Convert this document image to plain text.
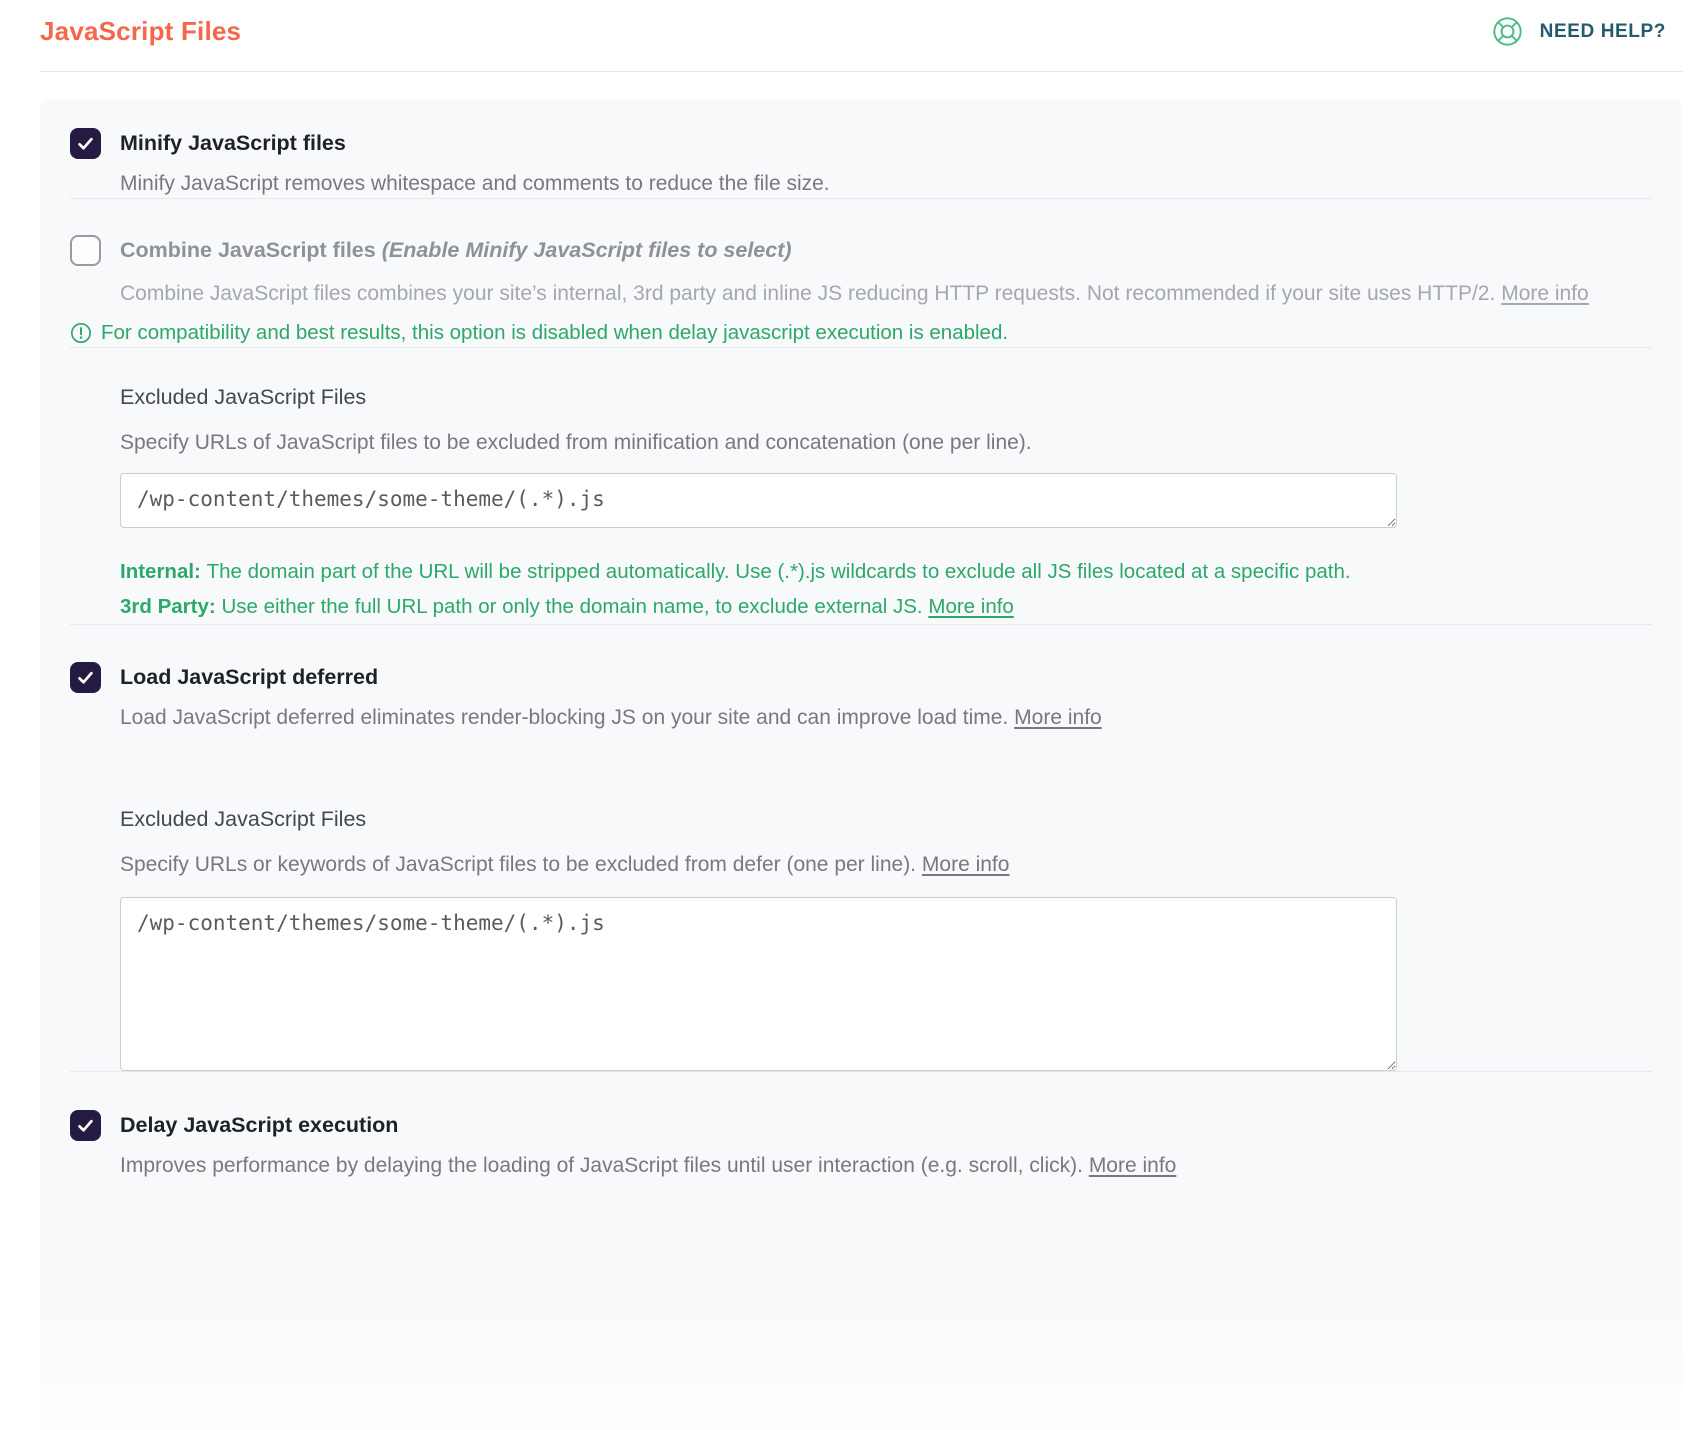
JavaScript Files	NEED HELP?
Minify JavaScript files

Minify JavaScript removes whitespace and comments to reduce the file size.

Combine JavaScript files (Enable Minify JavaScript files to select)

Combine JavaScript files combines your site’s internal, 3rd party and inline JS reducing HTTP requests. Not recommended if your site uses HTTP/2. More info

For compatibility and best results, this option is disabled when delay javascript execution is enabled.
Excluded JavaScript Files

Specify URLs of JavaScript files to be excluded from minification and concatenation (one per line).

/wp-content/themes/some-theme/(.*).js

Internal: The domain part of the URL will be stripped automatically. Use (.*).js wildcards to exclude all JS files located at a specific path.

3rd Party: Use either the full URL path or only the domain name, to exclude external JS. More info

Load JavaScript deferred

Load JavaScript deferred eliminates render-blocking JS on your site and can improve load time. More info

Excluded JavaScript Files

Specify URLs or keywords of JavaScript files to be excluded from defer (one per line). More info

/wp-content/themes/some-theme/(.*).js
Delay JavaScript execution

Improves performance by delaying the loading of JavaScript files until user interaction (e.g. scroll, click). More info
